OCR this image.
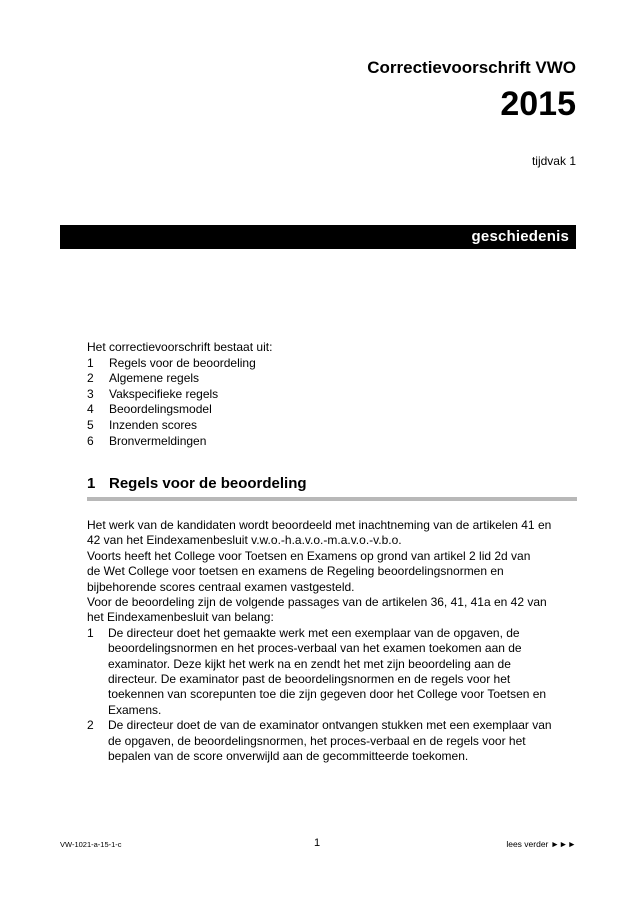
Correctievoorschrift VWO
2015
tijdvak 1
geschiedenis
Het correctievoorschrift bestaat uit:
1	Regels voor de beoordeling
2	Algemene regels
3	Vakspecifieke regels
4	Beoordelingsmodel
5	Inzenden scores
6	Bronvermeldingen
1 Regels voor de beoordeling
Het werk van de kandidaten wordt beoordeeld met inachtneming van de artikelen 41 en
42 van het Eindexamenbesluit v.w.o.-h.a.v.o.-m.a.v.o.-v.b.o.
Voorts heeft het College voor Toetsen en Examens op grond van artikel 2 lid 2d van
de Wet College voor toetsen en examens de Regeling beoordelingsnormen en
bijbehorende scores centraal examen vastgesteld.
Voor de beoordeling zijn de volgende passages van de artikelen 36, 41, 41a en 42 van
het Eindexamenbesluit van belang:
1	De directeur doet het gemaakte werk met een exemplaar van de opgaven, de
beoordelingsnormen en het proces-verbaal van het examen toekomen aan de
examinator. Deze kijkt het werk na en zendt het met zijn beoordeling aan de
directeur. De examinator past de beoordelingsnormen en de regels voor het
toekennen van scorepunten toe die zijn gegeven door het College voor Toetsen en
Examens.
2	De directeur doet de van de examinator ontvangen stukken met een exemplaar van
de opgaven, de beoordelingsnormen, het proces-verbaal en de regels voor het
bepalen van de score onverwijld aan de gecommitteerde toekomen.
VW-1021-a-15-1-c	1	lees verder ►►►
